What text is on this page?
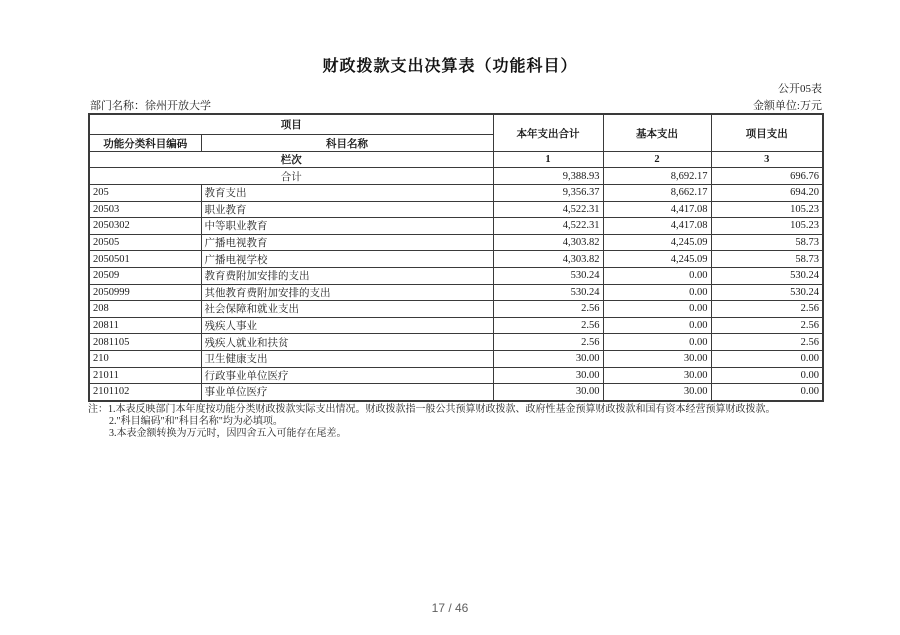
财政拨款支出决算表（功能科目）
公开05表
部门名称：徐州开放大学	金额单位:万元
项目		本年支出合计	基本支出	项目支出
功能分类科目编码	科目名称			
栏次		1	2	3
合计		9,388.93	8,692.17	696.76
205	教育支出	9,356.37	8,662.17	694.20
20503	职业教育	4,522.31	4,417.08	105.23
2050302	中等职业教育	4,522.31	4,417.08	105.23
20505	广播电视教育	4,303.82	4,245.09	58.73
2050501	广播电视学校	4,303.82	4,245.09	58.73
20509	教育费附加安排的支出	530.24	0.00	530.24
2050999	其他教育费附加安排的支出	530.24	0.00	530.24
208	社会保障和就业支出	2.56	0.00	2.56
20811	残疾人事业	2.56	0.00	2.56
2081105	残疾人就业和扶贫	2.56	0.00	2.56
210	卫生健康支出	30.00	30.00	0.00
21011	行政事业单位医疗	30.00	30.00	0.00
2101102	事业单位医疗	30.00	30.00	0.00
注：1.本表反映部门本年度按功能分类财政拨款实际支出情况。财政拨款指一般公共预算财政拨款、政府性基金预算财政拨款和国有资本经营预算财政拨款。
2."科目编码"和"科目名称"均为必填项。
3.本表金额转换为万元时，因四舍五入可能存在尾差。
17 / 46
